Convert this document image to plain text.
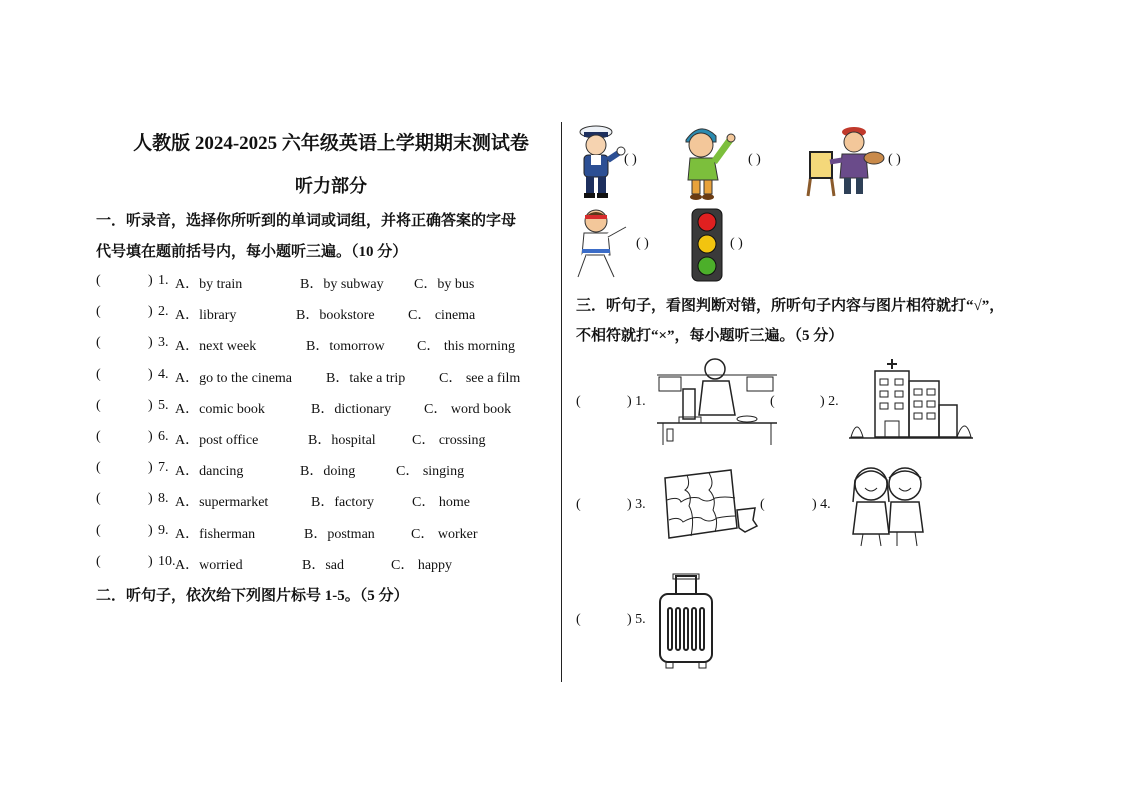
人教版 2024-2025 六年级英语上学期期末测试卷
听力部分
一．听录音，选择你所听到的单词或词组，并将正确答案的字母
代号填在题前括号内，每小题听三遍。（10 分）
(	) 1. A．by train	B．by subway C．by bus
(	) 2. A．library	B．bookstore C． cinema
(	) 3. A．next week	B．tomorrow C． this morning
(	) 4. A．go to the cinema B．take a trip C． see a film
(	) 5. A．comic book	B．dictionary C． word book
(	) 6. A．post office	B．hospital	C． crossing
(	) 7. A．dancing	B．doing	C． singing
(	) 8. A．supermarket	B．factory	C． home
(	) 9. A．fisherman	B．postman	C． worker
(	) 10. A．worried	B．sad	C． happy
二．听句子，依次给下列图片标号 1-5。（5 分）
( )	( )	( )
( )	( )
三．听句子，看图判断对错，所听句子内容与图片相符就打“√”，
不相符就打“×”，每小题听三遍。（5 分）
(	) 1.	(	) 2.
(	) 3.	(	) 4.
(	) 5.
